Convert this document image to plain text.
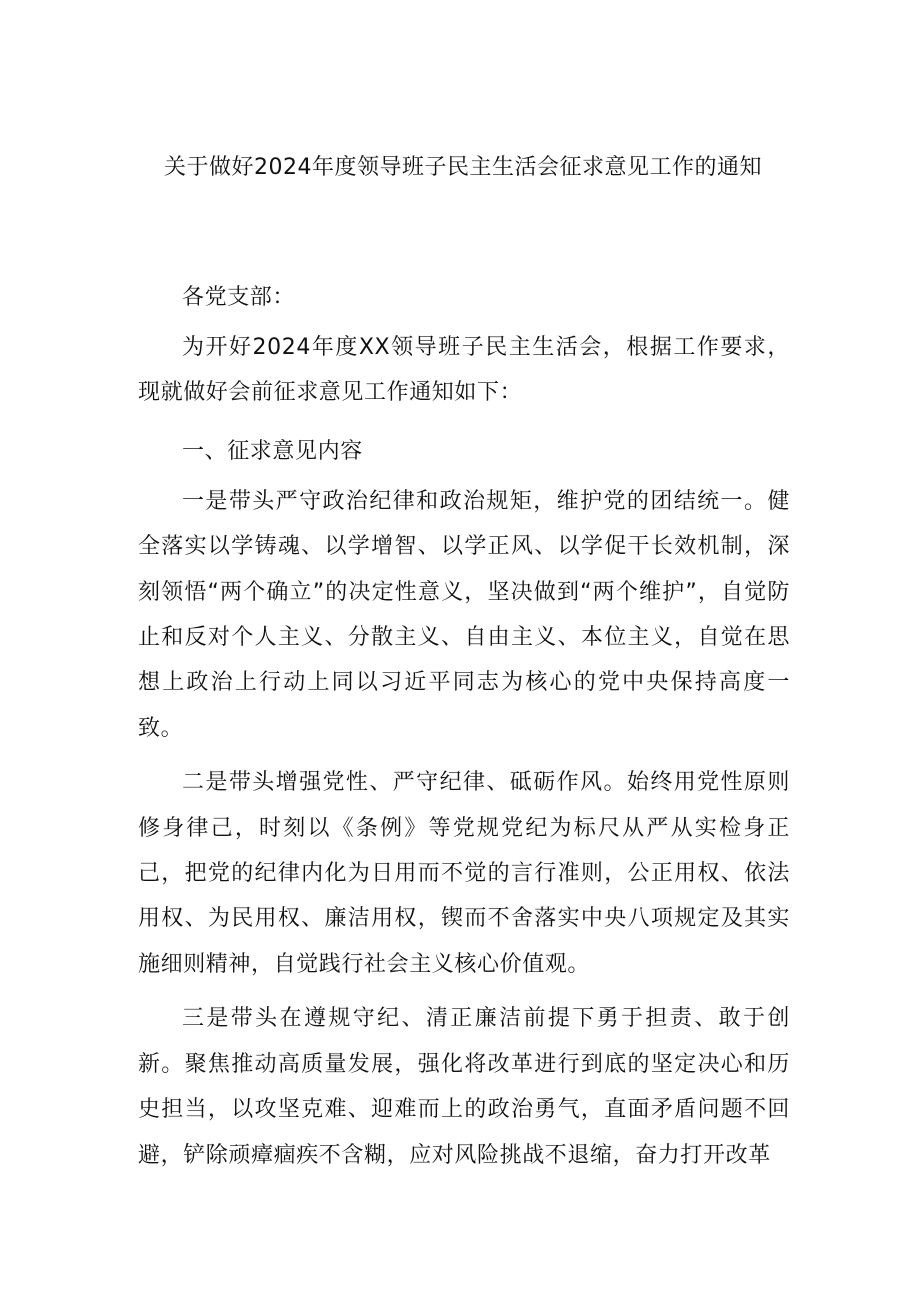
关于做好2024年度领导班子民主生活会征求意见工作的通知

各党支部：

为开好2024年度XX领导班子民主生活会，根据工作要求，现就做好会前征求意见工作通知如下：

一、征求意见内容

一是带头严守政治纪律和政治规矩，维护党的团结统一。健全落实以学铸魂、以学增智、以学正风、以学促干长效机制，深刻领悟“两个确立”的决定性意义，坚决做到“两个维护”，自觉防止和反对个人主义、分散主义、自由主义、本位主义，自觉在思想上政治上行动上同以习近平同志为核心的党中央保持高度一致。

二是带头增强党性、严守纪律、砥砺作风。始终用党性原则修身律己，时刻以《条例》等党规党纪为标尺从严从实检身正己，把党的纪律内化为日用而不觉的言行准则，公正用权、依法用权、为民用权、廉洁用权，锲而不舍落实中央八项规定及其实施细则精神，自觉践行社会主义核心价值观。

三是带头在遵规守纪、清正廉洁前提下勇于担责、敢于创新。聚焦推动高质量发展，强化将改革进行到底的坚定决心和历史担当，以攻坚克难、迎难而上的政治勇气，直面矛盾问题不回避，铲除顽瘴痼疾不含糊，应对风险挑战不退缩，奋力打开改革
